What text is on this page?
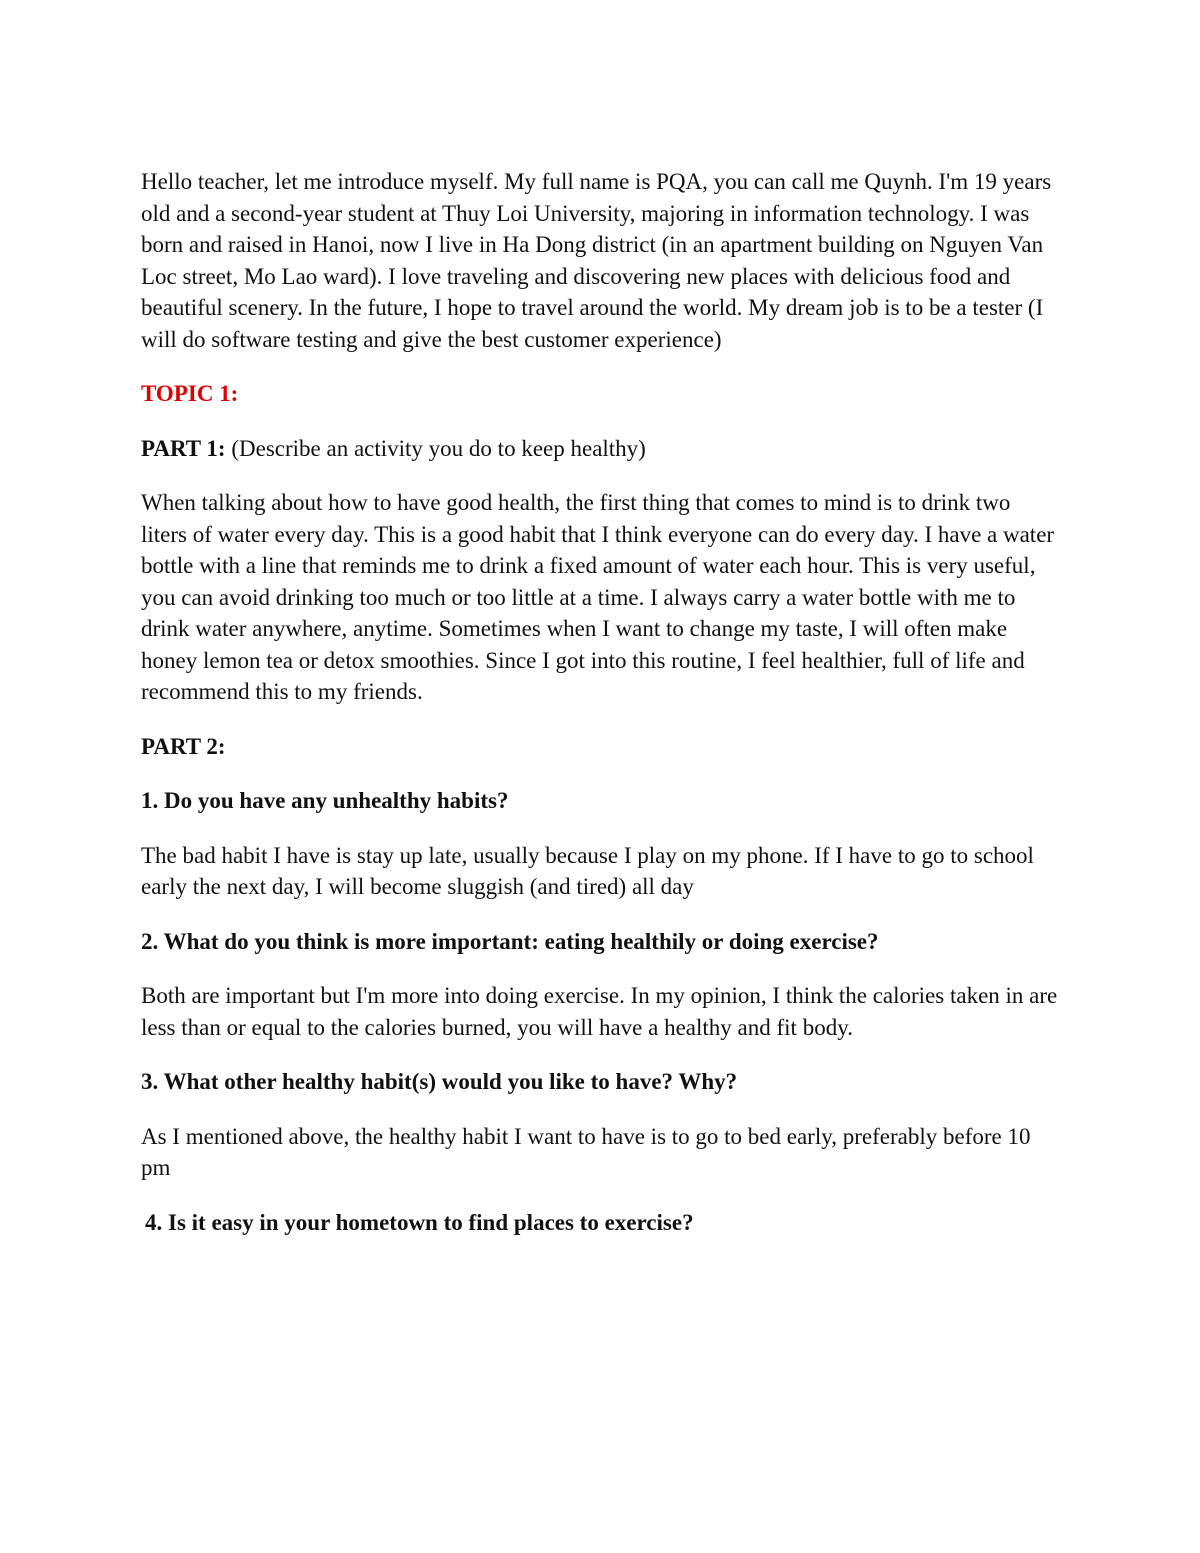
Hello teacher, let me introduce myself. My full name is PQA, you can call me Quynh. I'm 19 years old and a second-year student at Thuy Loi University, majoring in information technology. I was born and raised in Hanoi, now I live in Ha Dong district (in an apartment building on Nguyen Van Loc street, Mo Lao ward). I love traveling and discovering new places with delicious food and beautiful scenery. In the future, I hope to travel around the world. My dream job is to be a tester (I will do software testing and give the best customer experience)

TOPIC 1:

PART 1: (Describe an activity you do to keep healthy)

When talking about how to have good health, the first thing that comes to mind is to drink two liters of water every day. This is a good habit that I think everyone can do every day. I have a water bottle with a line that reminds me to drink a fixed amount of water each hour. This is very useful, you can avoid drinking too much or too little at a time. I always carry a water bottle with me to drink water anywhere, anytime. Sometimes when I want to change my taste, I will often make honey lemon tea or detox smoothies. Since I got into this routine, I feel healthier, full of life and recommend this to my friends.

PART 2:

1. Do you have any unhealthy habits?

The bad habit I have is stay up late, usually because I play on my phone. If I have to go to school early the next day, I will become sluggish (and tired) all day

2. What do you think is more important: eating healthily or doing exercise?

Both are important but I'm more into doing exercise. In my opinion, I think the calories taken in are less than or equal to the calories burned, you will have a healthy and fit body.

3. What other healthy habit(s) would you like to have? Why?

As I mentioned above, the healthy habit I want to have is to go to bed early, preferably before 10 pm

4. Is it easy in your hometown to find places to exercise?
